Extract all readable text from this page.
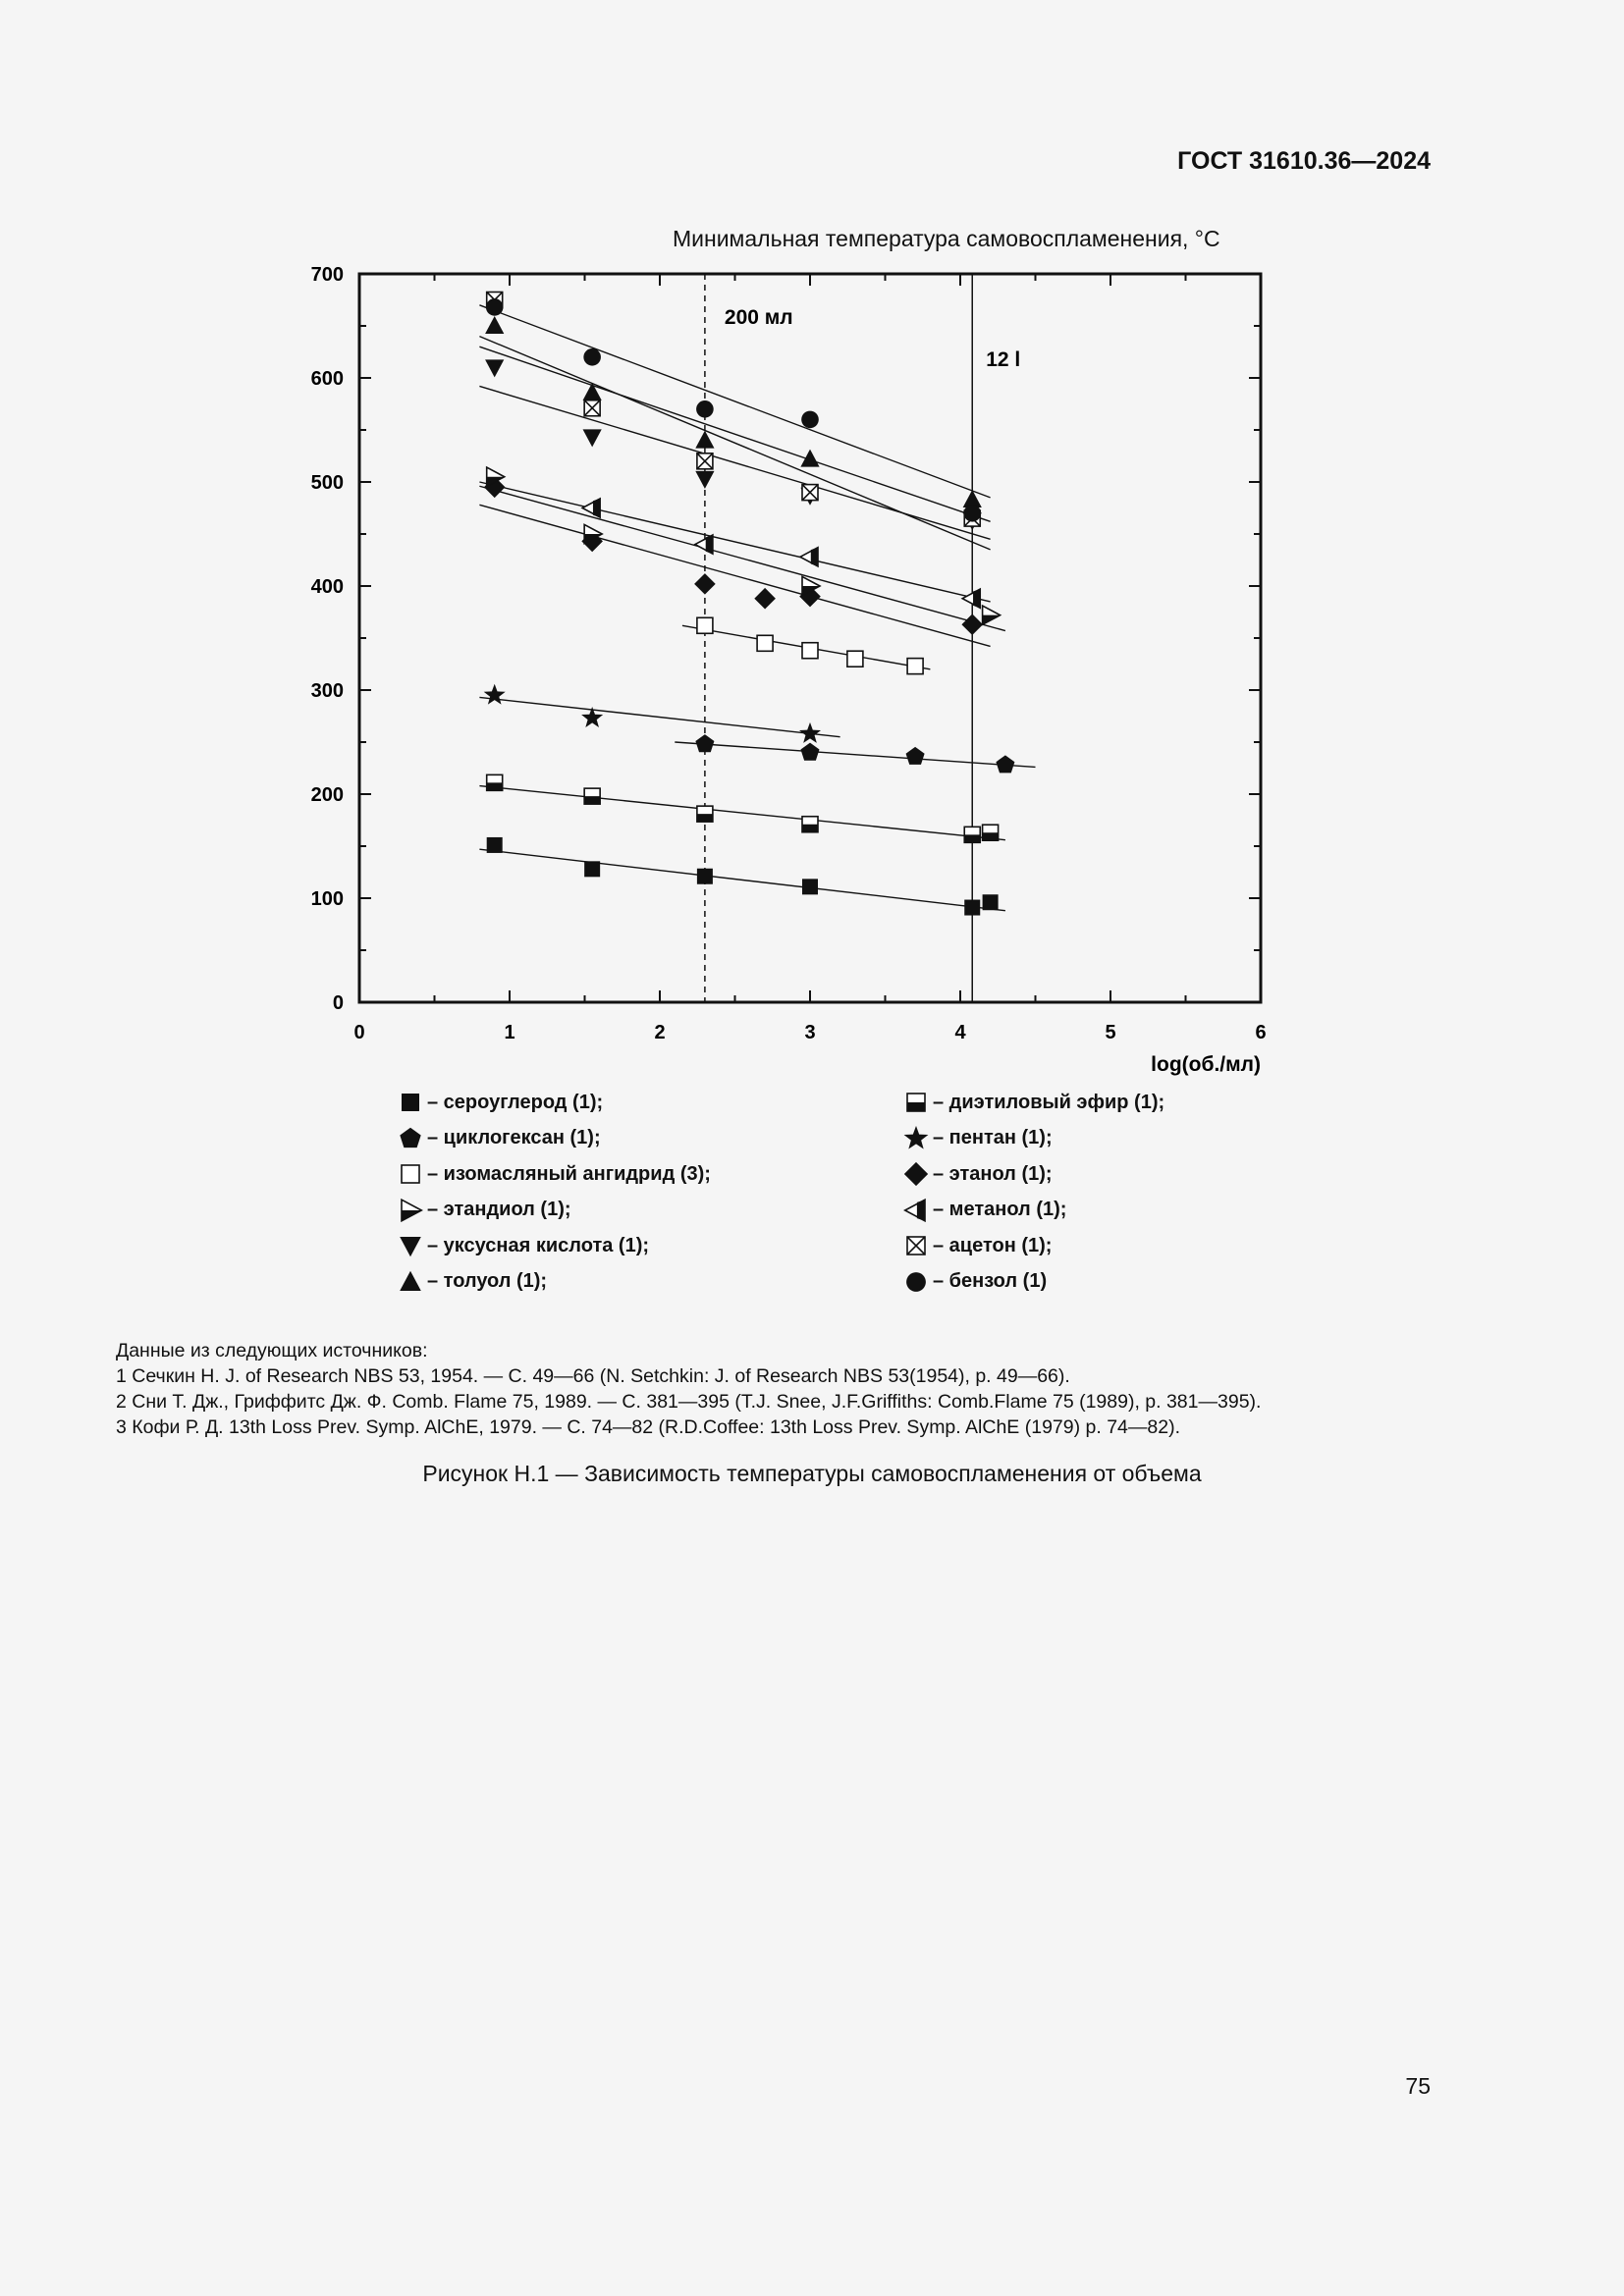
ГОСТ 31610.36—2024
Минимальная температура самовоспламенения, °С
0	1	2	3	4	5	6
0
100
200
300
400
500
600
700
log(об./мл)
200 мл
12 l
– сероуглерод (1);	– диэтиловый эфир (1);
– циклогексан (1);	– пентан (1);
– изомасляный ангидрид (3);	– этанол (1);
– этандиол (1);	– метанол (1);
– уксусная кислота (1);	– ацетон (1);
– толуол (1);	– бензол (1)
Данные из следующих источников:
1 Сечкин Н. J. of Research NBS 53, 1954. — С. 49—66 (N. Setchkin: J. of Research NBS 53(1954), p. 49—66).
2 Сни Т. Дж., Гриффитс Дж. Ф. Comb. Flame 75, 1989. — С. 381—395 (T.J. Snee, J.F.Griffiths: Comb.Flame 75 (1989), p. 381—395).
3 Кофи Р. Д. 13th Loss Prev. Symp. AlChE, 1979. — С. 74—82 (R.D.Coffee: 13th Loss Prev. Symp. AlChE (1979) p. 74—82).
Рисунок Н.1 — Зависимость температуры самовоспламенения от объема
75
